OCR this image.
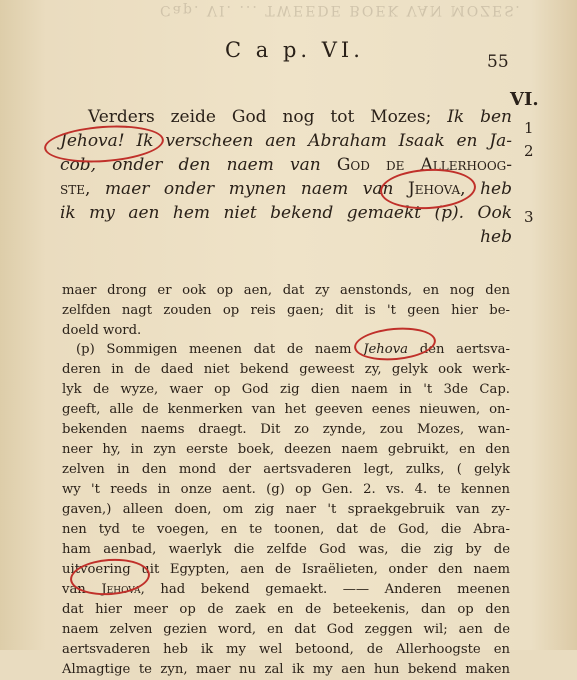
Cap. VI. ... TWEEDE BOEK VAN MOZES.
C a p. VI.	55
VI.
1
2
3
Verders zeide God nog tot Mozes; Ik ben
Jehova! Ik verscheen aen Abraham Isaak en Ja-
cob, onder den naem van God de Allerhoog-
ste, maer onder mynen naem van Jehova, heb
ik my aen hem niet bekend gemaekt (p). Ook
heb
maer drong er ook op aen, dat zy aenstonds, en nog den
zelfden nagt zouden op reis gaen; dit is 't geen hier be-
doeld word.
(p) Sommigen meenen dat de naem Jehova den aertsva-
deren in de daed niet bekend geweest zy, gelyk ook werk-
lyk de wyze, waer op God zig dien naem in 't 3de Cap.
geeft, alle de kenmerken van het geeven eenes nieuwen, on-
bekenden naems draegt. Dit zo zynde, zou Mozes, wan-
neer hy, in zyn eerste boek, deezen naem gebruikt, en den
zelven in den mond der aertsvaderen legt, zulks, ( gelyk
wy 't reeds in onze aent. (g) op Gen. 2. vs. 4. te kennen
gaven,) alleen doen, om zig naer 't spraekgebruik van zy-
nen tyd te voegen, en te toonen, dat de God, die Abra-
ham aenbad, waerlyk die zelfde God was, die zig by de
uitvoering uit Egypten, aen de Israëlieten, onder den naem
van Jehova, had bekend gemaekt. —— Anderen meenen
dat hier meer op de zaek en de beteekenis, dan op den
naem zelven gezien word, en dat God zeggen wil; aen de
aertsvaderen heb ik my wel betoond, de Allerhoogste en
Almagtige te zyn, maer nu zal ik my aen hun bekend maken
